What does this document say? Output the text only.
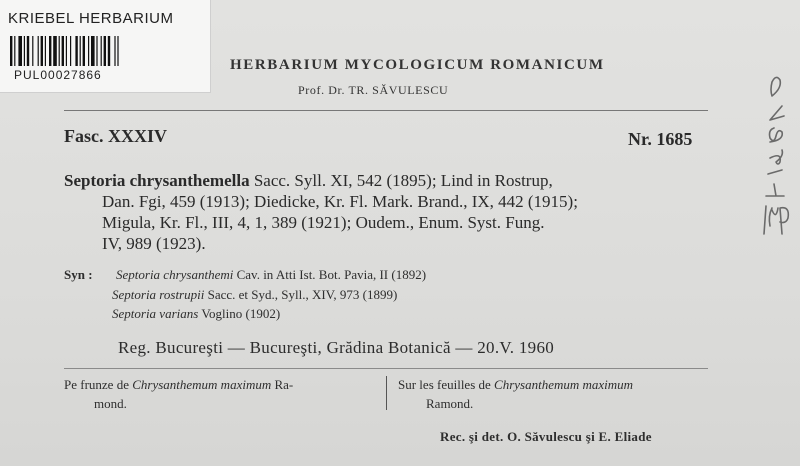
KRIEBEL HERBARIUM
PUL00027866
HERBARIUM MYCOLOGICUM ROMANICUM
Prof. Dr. TR. SĂVULESCU
Fasc. XXXIV	Nr. 1685
Septoria chrysanthemella Sacc. Syll. XI, 542 (1895); Lind in Rostrup,
Dan. Fgi, 459 (1913); Diedicke, Kr. Fl. Mark. Brand., IX, 442 (1915);
Migula, Kr. Fl., III, 4, 1, 389 (1921); Oudem., Enum. Syst. Fung.
IV, 989 (1923).
Syn : Septoria chrysanthemi Cav. in Atti Ist. Bot. Pavia, II (1892)
Septoria rostrupii Sacc. et Syd., Syll., XIV, 973 (1899)
Septoria varians Voglino (1902)
Reg. Bucureşti — Bucureşti, Grădina Botanică — 20.V. 1960
Pe frunze de Chrysanthemum maximum Ra-
mond.
Sur les feuilles de Chrysanthemum maximum
Ramond.
Rec. şi det. O. Săvulescu şi E. Eliade
